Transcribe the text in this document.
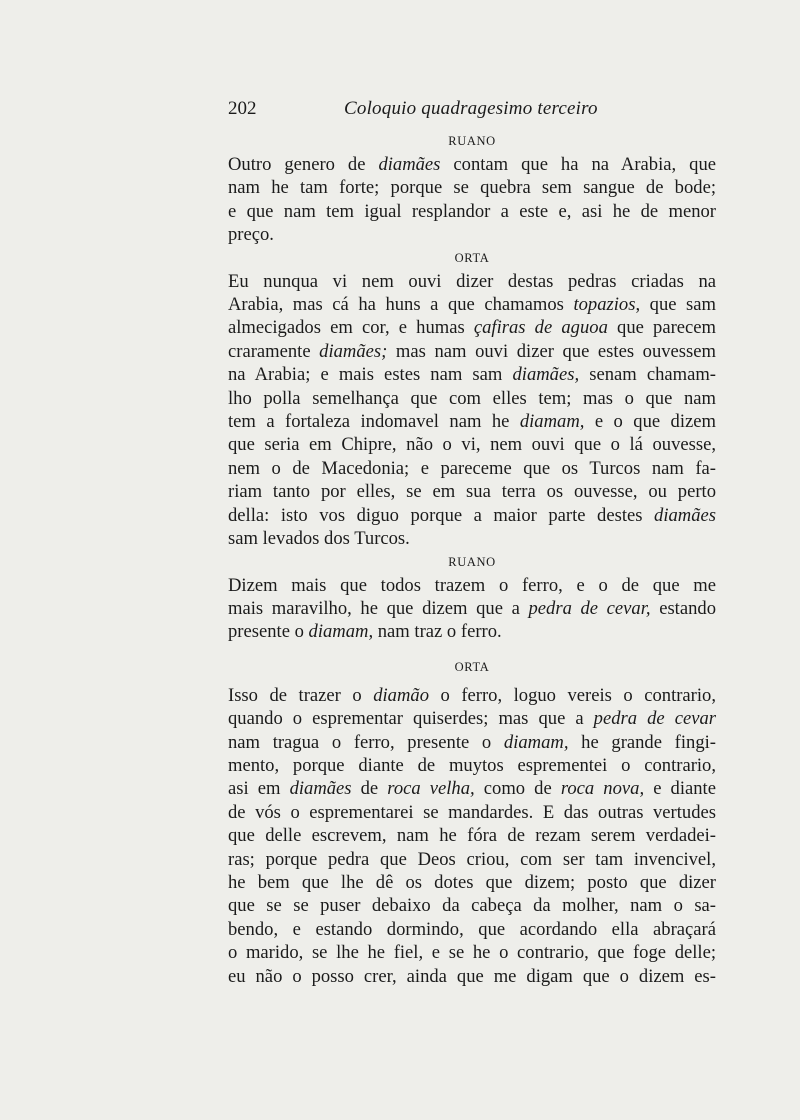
202	Coloquio quadragesimo terceiro
RUANO
Outro genero de diamães contam que ha na Arabia, que
nam he tam forte; porque se quebra sem sangue de bode;
e que nam tem igual resplandor a este e, asi he de menor
preço.
ORTA
Eu nunqua vi nem ouvi dizer destas pedras criadas na
Arabia, mas cá ha huns a que chamamos topazios, que sam
almecigados em cor, e humas çafiras de aguoa que parecem
craramente diamães; mas nam ouvi dizer que estes ouvessem
na Arabia; e mais estes nam sam diamães, senam chamam-
lho polla semelhança que com elles tem; mas o que nam
tem a fortaleza indomavel nam he diamam, e o que dizem
que seria em Chipre, não o vi, nem ouvi que o lá ouvesse,
nem o de Macedonia; e pareceme que os Turcos nam fa-
riam tanto por elles, se em sua terra os ouvesse, ou perto
della: isto vos diguo porque a maior parte destes diamães
sam levados dos Turcos.
RUANO
Dizem mais que todos trazem o ferro, e o de que me
mais maravilho, he que dizem que a pedra de cevar, estando
presente o diamam, nam traz o ferro.
ORTA
Isso de trazer o diamão o ferro, loguo vereis o contrario,
quando o esprementar quiserdes; mas que a pedra de cevar
nam tragua o ferro, presente o diamam, he grande fingi-
mento, porque diante de muytos esprementei o contrario,
asi em diamães de roca velha, como de roca nova, e diante
de vós o esprementarei se mandardes. E das outras vertudes
que delle escrevem, nam he fóra de rezam serem verdadei-
ras; porque pedra que Deos criou, com ser tam invencivel,
he bem que lhe dê os dotes que dizem; posto que dizer
que se se puser debaixo da cabeça da molher, nam o sa-
bendo, e estando dormindo, que acordando ella abraçará
o marido, se lhe he fiel, e se he o contrario, que foge delle;
eu não o posso crer, ainda que me digam que o dizem es-
